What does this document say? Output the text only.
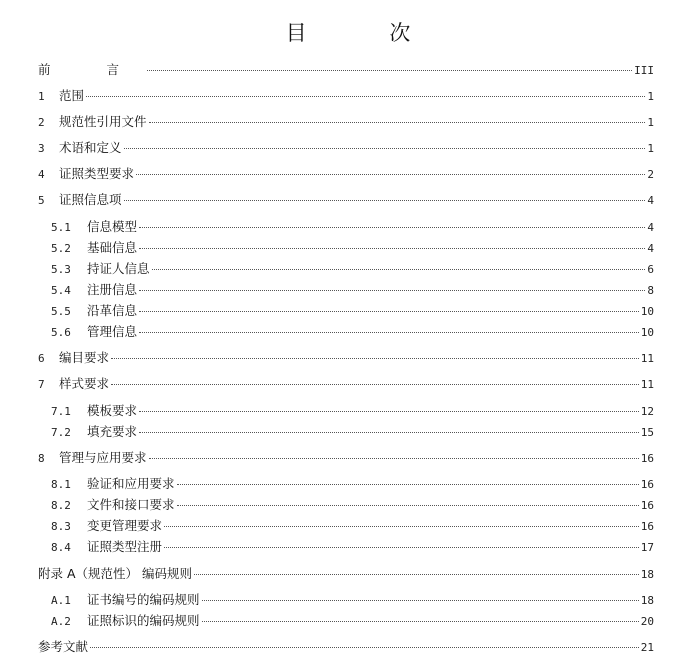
目 次
前 言	III
1	范围	1
2	规范性引用文件	1
3	术语和定义	1
4	证照类型要求	2
5	证照信息项	4
5.1	信息模型	4
5.2	基础信息	4
5.3	持证人信息	6
5.4	注册信息	8
5.5	沿革信息	10
5.6	管理信息	10
6	编目要求	11
7	样式要求	11
7.1	模板要求	12
7.2	填充要求	15
8	管理与应用要求	16
8.1	验证和应用要求	16
8.2	文件和接口要求	16
8.3	变更管理要求	16
8.4	证照类型注册	17
附录 A（规范性） 编码规则	18
A.1	证书编号的编码规则	18
A.2	证照标识的编码规则	20
参考文献	21
